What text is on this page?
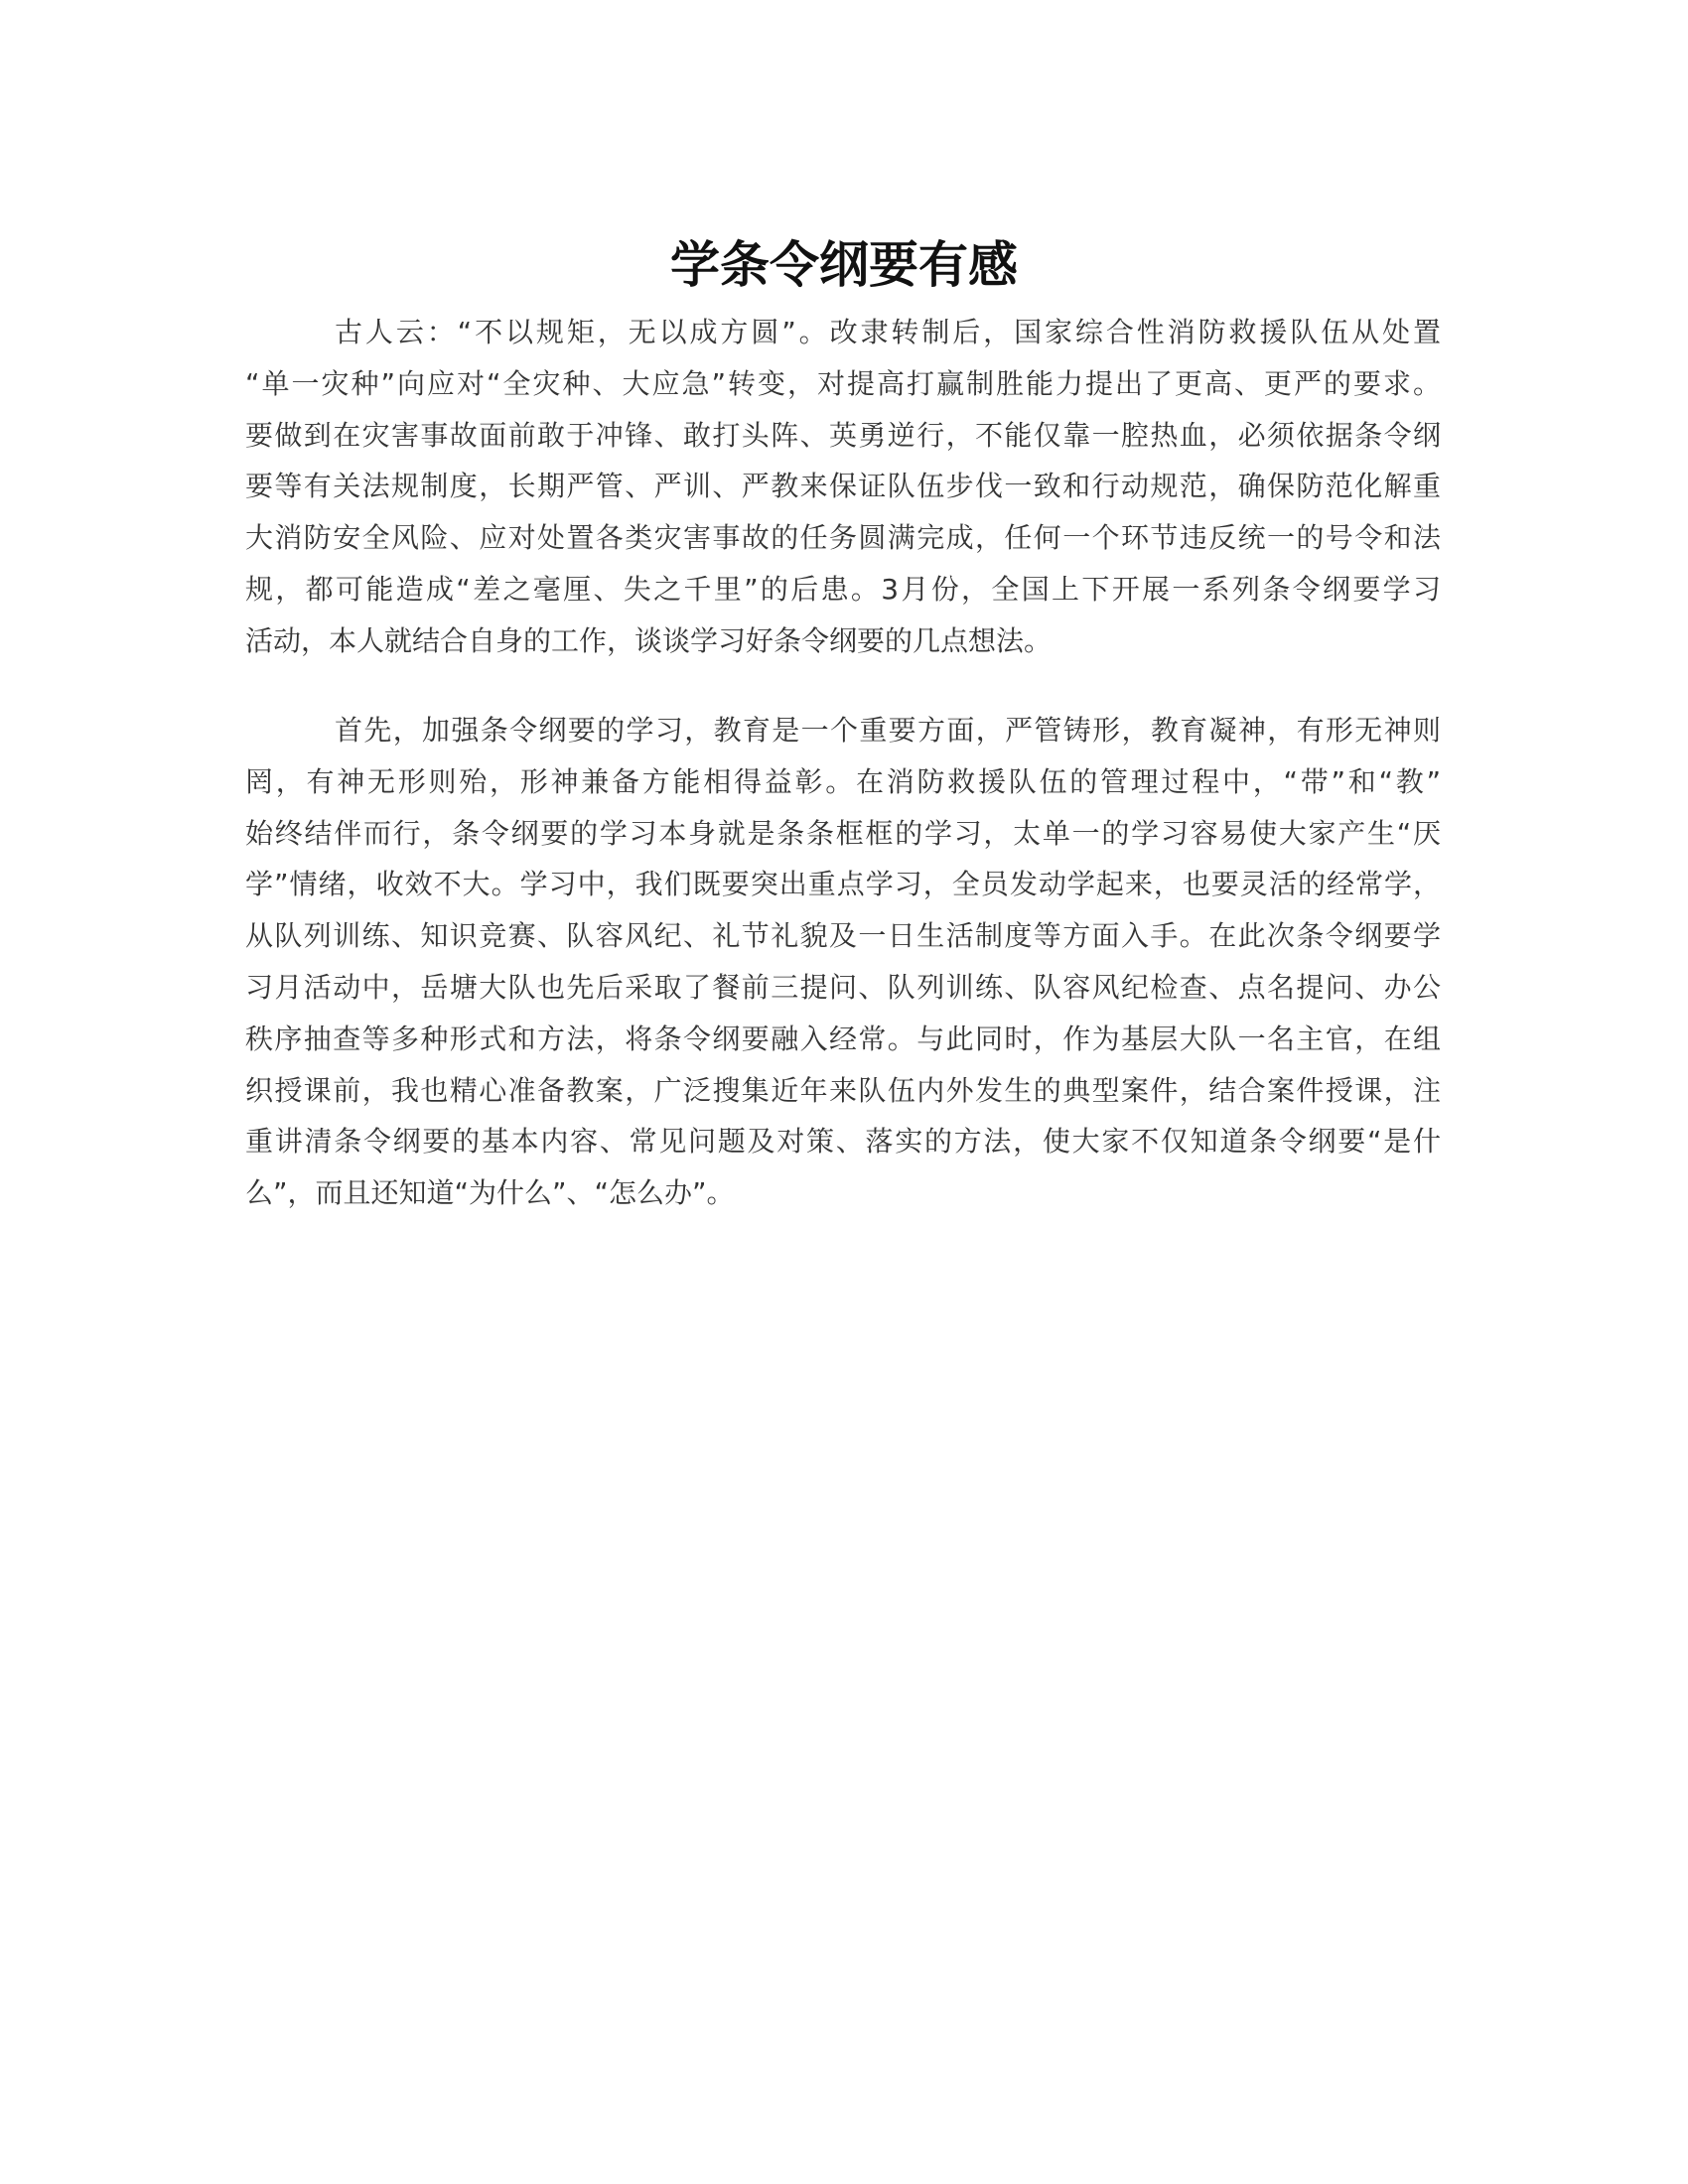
学条令纲要有感
古人云：“不以规矩，无以成方圆”。改隶转制后，国家综合性消防救援队伍从处置
“单一灾种”向应对“全灾种、大应急”转变，对提高打赢制胜能力提出了更高、更严的要求。
要做到在灾害事故面前敢于冲锋、敢打头阵、英勇逆行，不能仅靠一腔热血，必须依据条令纲
要等有关法规制度，长期严管、严训、严教来保证队伍步伐一致和行动规范，确保防范化解重
大消防安全风险、应对处置各类灾害事故的任务圆满完成，任何一个环节违反统一的号令和法
规，都可能造成“差之毫厘、失之千里”的后患。3月份，全国上下开展一系列条令纲要学习
活动，本人就结合自身的工作，谈谈学习好条令纲要的几点想法。
首先，加强条令纲要的学习，教育是一个重要方面，严管铸形，教育凝神，有形无神则
罔，有神无形则殆，形神兼备方能相得益彰。在消防救援队伍的管理过程中，“带”和“教”
始终结伴而行，条令纲要的学习本身就是条条框框的学习，太单一的学习容易使大家产生“厌
学”情绪，收效不大。学习中，我们既要突出重点学习，全员发动学起来，也要灵活的经常学，
从队列训练、知识竞赛、队容风纪、礼节礼貌及一日生活制度等方面入手。在此次条令纲要学
习月活动中，岳塘大队也先后采取了餐前三提问、队列训练、队容风纪检查、点名提问、办公
秩序抽查等多种形式和方法，将条令纲要融入经常。与此同时，作为基层大队一名主官，在组
织授课前，我也精心准备教案，广泛搜集近年来队伍内外发生的典型案件，结合案件授课，注
重讲清条令纲要的基本内容、常见问题及对策、落实的方法，使大家不仅知道条令纲要“是什
么”，而且还知道“为什么”、“怎么办”。
